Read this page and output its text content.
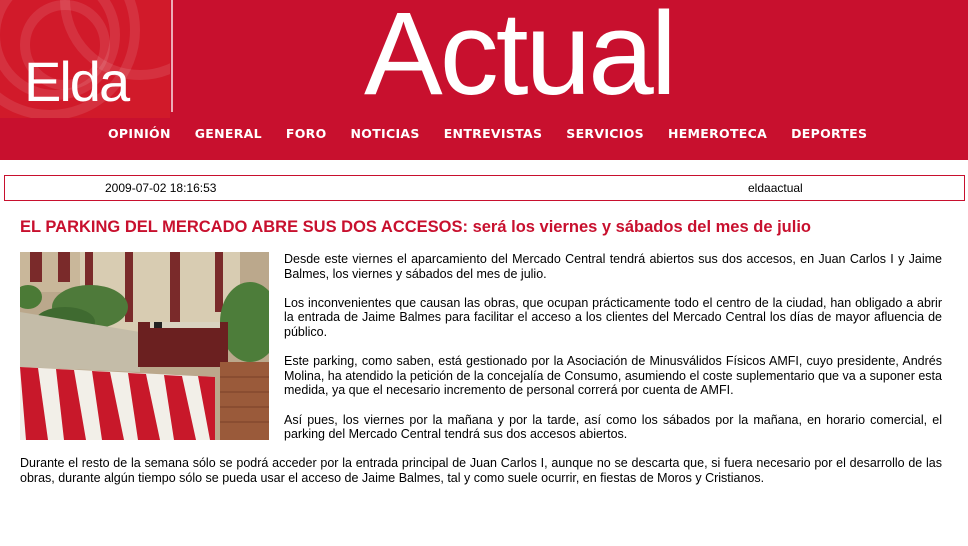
Elda Actual
OPINIÓN GENERAL FORO NOTICIAS ENTREVISTAS SERVICIOS HEMEROTECA DEPORTES
2009-07-02 18:16:53	eldaactual
EL PARKING DEL MERCADO ABRE SUS DOS ACCESOS: será los viernes y sábados del mes de julio

Desde este viernes el aparcamiento del Mercado Central tendrá abiertos sus dos accesos, en Juan Carlos I y Jaime Balmes, los viernes y sábados del mes de julio.

Los inconvenientes que causan las obras, que ocupan prácticamente todo el centro de la ciudad, han obligado a abrir la entrada de Jaime Balmes para facilitar el acceso a los clientes del Mercado Central los días de mayor afluencia de público.

Este parking, como saben, está gestionado por la Asociación de Minusválidos Físicos AMFI, cuyo presidente, Andrés Molina, ha atendido la petición de la concejalía de Consumo, asumiendo el coste suplementario que va a suponer esta medida, ya que el necesario incremento de personal correrá por cuenta de AMFI.

Así pues, los viernes por la mañana y por la tarde, así como los sábados por la mañana, en horario comercial, el parking del Mercado Central tendrá sus dos accesos abiertos.

Durante el resto de la semana sólo se podrá acceder por la entrada principal de Juan Carlos I, aunque no se descarta que, si fuera necesario por el desarrollo de las obras, durante algún tiempo sólo se pueda usar el acceso de Jaime Balmes, tal y como suele ocurrir, en fiestas de Moros y Cristianos.
